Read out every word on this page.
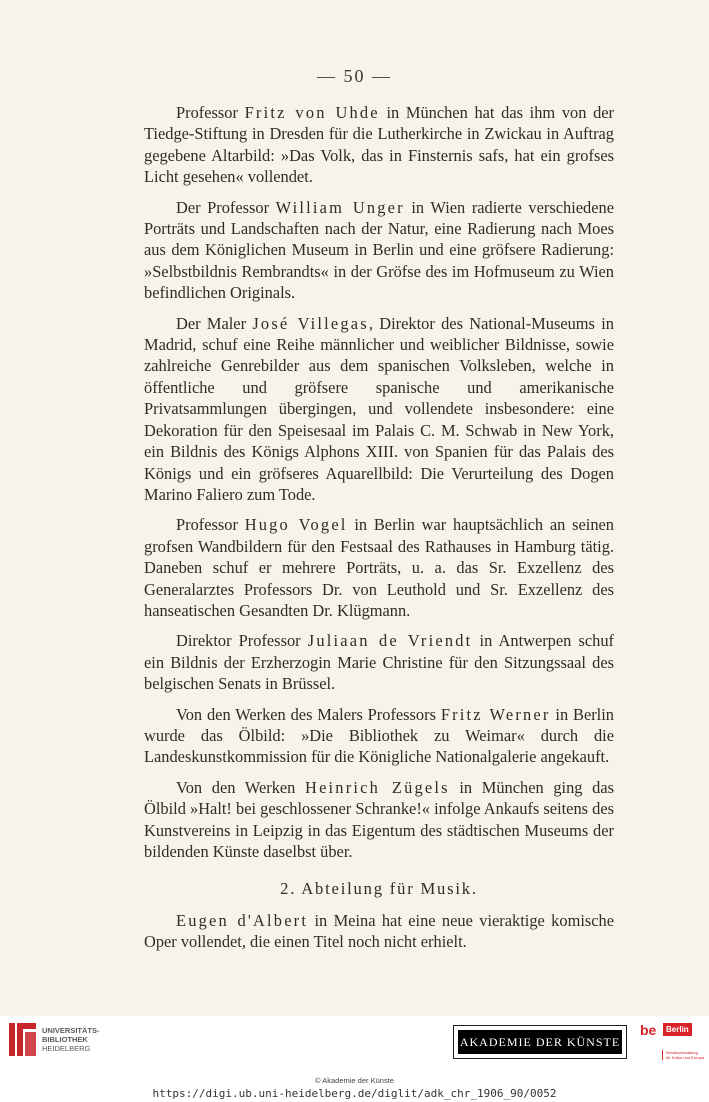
— 50 —

Professor Fritz von Uhde in München hat das ihm von der Tiedge-Stiftung in Dresden für die Lutherkirche in Zwickau in Auftrag gegebene Altarbild: »Das Volk, das in Finsternis safs, hat ein grofses Licht gesehen« vollendet.

Der Professor William Unger in Wien radierte verschiedene Porträts und Landschaften nach der Natur, eine Radierung nach Moes aus dem Königlichen Museum in Berlin und eine gröfsere Radierung: »Selbstbildnis Rembrandts« in der Gröfse des im Hofmuseum zu Wien befindlichen Originals.

Der Maler José Villegas, Direktor des National-Museums in Madrid, schuf eine Reihe männlicher und weiblicher Bildnisse, sowie zahlreiche Genrebilder aus dem spanischen Volksleben, welche in öffentliche und gröfsere spanische und amerikanische Privatsammlungen übergingen, und vollendete insbesondere: eine Dekoration für den Speisesaal im Palais C. M. Schwab in New York, ein Bildnis des Königs Alphons XIII. von Spanien für das Palais des Königs und ein gröfseres Aquarellbild: Die Verurteilung des Dogen Marino Faliero zum Tode.

Professor Hugo Vogel in Berlin war hauptsächlich an seinen grofsen Wandbildern für den Festsaal des Rathauses in Hamburg tätig. Daneben schuf er mehrere Porträts, u. a. das Sr. Exzellenz des Generalarztes Professors Dr. von Leuthold und Sr. Exzellenz des hanseatischen Gesandten Dr. Klügmann.

Direktor Professor Juliaan de Vriendt in Antwerpen schuf ein Bildnis der Erzherzogin Marie Christine für den Sitzungssaal des belgischen Senats in Brüssel.

Von den Werken des Malers Professors Fritz Werner in Berlin wurde das Ölbild: »Die Bibliothek zu Weimar« durch die Landeskunstkommission für die Königliche Nationalgalerie angekauft.

Von den Werken Heinrich Zügels in München ging das Ölbild »Halt! bei geschlossener Schranke!« infolge Ankaufs seitens des Kunstvereins in Leipzig in das Eigentum des städtischen Museums der bildenden Künste daselbst über.

2. Abteilung für Musik.

Eugen d'Albert in Meina hat eine neue vieraktige komische Oper vollendet, die einen Titel noch nicht erhielt.

UNIVERSITÄTS-
BIBLIOTHEK
HEIDELBERG	AKADEMIE DER KÜNSTE
be	Berlin
Senatsverwaltung
für Kultur und Europa
© Akademie der Künste
https://digi.ub.uni-heidelberg.de/diglit/adk_chr_1906_90/0052
